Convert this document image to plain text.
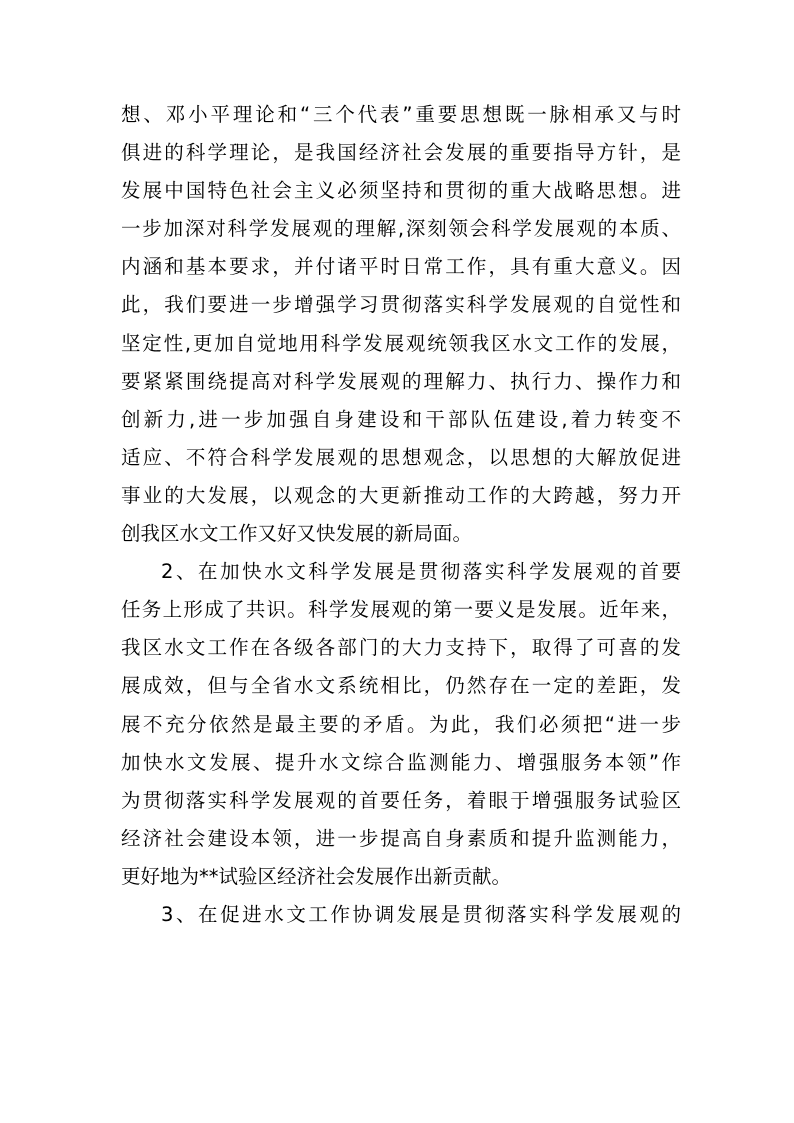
想、邓小平理论和“三个代表”重要思想既一脉相承又与时
俱进的科学理论，是我国经济社会发展的重要指导方针，是
发展中国特色社会主义必须坚持和贯彻的重大战略思想。进
一步加深对科学发展观的理解,深刻领会科学发展观的本质、
内涵和基本要求，并付诸平时日常工作，具有重大意义。因
此，我们要进一步增强学习贯彻落实科学发展观的自觉性和
坚定性,更加自觉地用科学发展观统领我区水文工作的发展，
要紧紧围绕提高对科学发展观的理解力、执行力、操作力和
创新力,进一步加强自身建设和干部队伍建设,着力转变不
适应、不符合科学发展观的思想观念，以思想的大解放促进
事业的大发展，以观念的大更新推动工作的大跨越，努力开
创我区水文工作又好又快发展的新局面。
2、在加快水文科学发展是贯彻落实科学发展观的首要
任务上形成了共识。科学发展观的第一要义是发展。近年来，
我区水文工作在各级各部门的大力支持下，取得了可喜的发
展成效，但与全省水文系统相比，仍然存在一定的差距，发
展不充分依然是最主要的矛盾。为此，我们必须把“进一步
加快水文发展、提升水文综合监测能力、增强服务本领”作
为贯彻落实科学发展观的首要任务，着眼于增强服务试验区
经济社会建设本领，进一步提高自身素质和提升监测能力，
更好地为**试验区经济社会发展作出新贡献。
3、在促进水文工作协调发展是贯彻落实科学发展观的
